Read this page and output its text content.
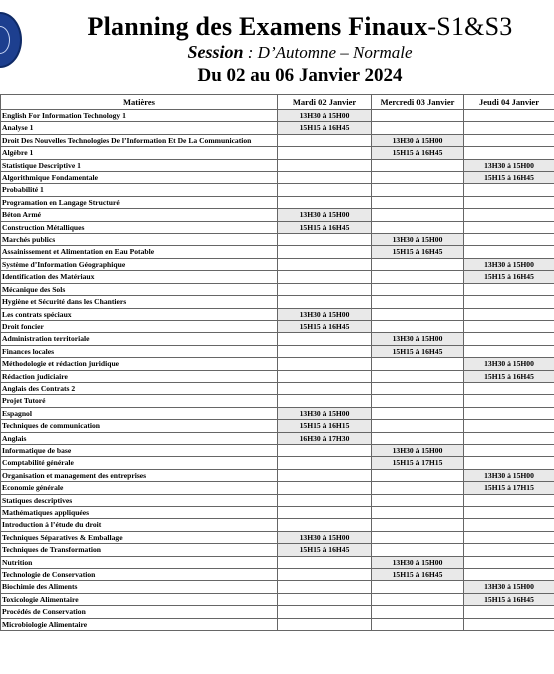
Planning des Examens Finaux-S1&S3
Session : D’Automne – Normale
Du 02 au 06 Janvier 2024
Matières	Mardi 02 Janvier	Mercredi 03 Janvier	Jeudi 04 Janvier
English For Information Technology 1	13H30 à 15H00		
Analyse 1	15H15 à 16H45		
Droit Des Nouvelles Technologies De l’Information Et De La Communication		13H30 à 15H00	
Algèbre 1		15H15 à 16H45	
Statistique Descriptive 1			13H30 à 15H00
Algorithmique Fondamentale			15H15 à 16H45
Probabilité 1			
Programation en Langage Structuré			
Béton Armé	13H30 à 15H00		
Construction Métalliques	15H15 à 16H45		
Marchés publics		13H30 à 15H00	
Assainissement et Alimentation en Eau Potable		15H15 à 16H45	
Système d’Information Géographique			13H30 à 15H00
Identification des Matériaux			15H15 à 16H45
Mécanique des Sols			
Hygiène et Sécurité dans les Chantiers			
Les contrats spéciaux	13H30 à 15H00		
Droit foncier	15H15 à 16H45		
Administration territoriale		13H30 à 15H00	
Finances locales		15H15 à 16H45	
Méthodologie et rédaction juridique			13H30 à 15H00
Rédaction judiciaire			15H15 à 16H45
Anglais des Contrats 2			
Projet Tutoré			
Espagnol	13H30 à 15H00		
Techniques de communication	15H15 à 16H15		
Anglais	16H30 à 17H30		
Informatique de base		13H30 à 15H00	
Comptabilité générale		15H15 à 17H15	
Organisation et management des entreprises			13H30 à 15H00
Economie générale			15H15 à 17H15
Statiques descriptives			
Mathématiques appliquées			
Introduction à l’étude du droit			
Techniques Séparatives & Emballage	13H30 à 15H00		
Techniques de Transformation	15H15 à 16H45		
Nutrition		13H30 à 15H00	
Technologie de Conservation		15H15 à 16H45	
Biochimie des Aliments			13H30 à 15H00
Toxicologie Alimentaire			15H15 à 16H45
Procédés de Conservation			
Microbiologie Alimentaire			
